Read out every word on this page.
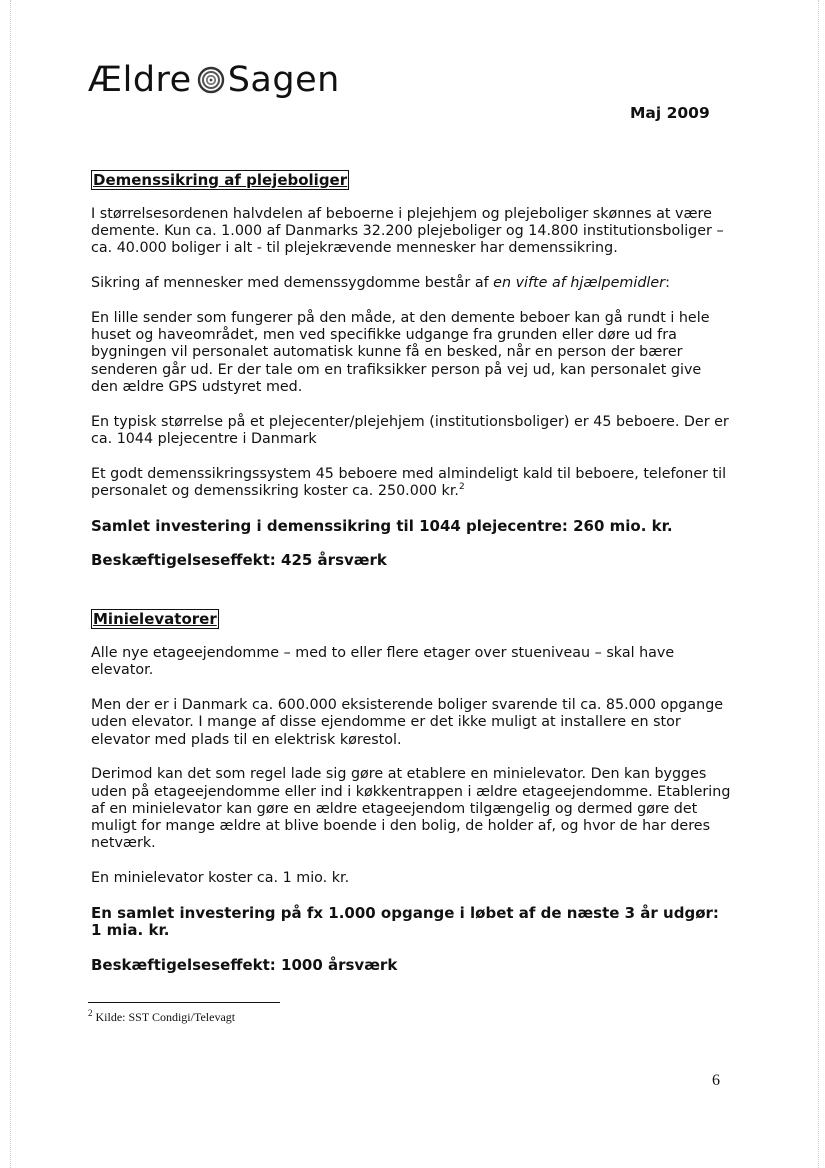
Ældre Sagen
Maj 2009
Demenssikring af plejeboliger

I størrelsesordenen halvdelen af beboerne i plejehjem og plejeboliger skønnes at være demente. Kun ca. 1.000 af Danmarks 32.200 plejeboliger og 14.800 institutionsboliger – ca. 40.000 boliger i alt - til plejekrævende mennesker har demenssikring.

Sikring af mennesker med demenssygdomme består af en vifte af hjælpemidler:

En lille sender som fungerer på den måde, at den demente beboer kan gå rundt i hele huset og haveområdet, men ved specifikke udgange fra grunden eller døre ud fra bygningen vil personalet automatisk kunne få en besked, når en person der bærer senderen går ud. Er der tale om en trafiksikker person på vej ud, kan personalet give den ældre GPS udstyret med.

En typisk størrelse på et plejecenter/plejehjem (institutionsboliger) er 45 beboere. Der er ca. 1044 plejecentre i Danmark

Et godt demenssikringssystem 45 beboere med almindeligt kald til beboere, telefoner til personalet og demenssikring koster ca. 250.000 kr.$^2$

Samlet investering i demenssikring til 1044 plejecentre: 260 mio. kr.

Beskæftigelseseffekt: 425 årsværk

Minielevatorer

Alle nye etageejendomme – med to eller flere etager over stueniveau – skal have elevator.

Men der er i Danmark ca. 600.000 eksisterende boliger svarende til ca. 85.000 opgange uden elevator. I mange af disse ejendomme er det ikke muligt at installere en stor elevator med plads til en elektrisk kørestol.

Derimod kan det som regel lade sig gøre at etablere en minielevator. Den kan bygges uden på etageejendomme eller ind i køkkentrappen i ældre etageejendomme. Etablering af en minielevator kan gøre en ældre etageejendom tilgængelig og dermed gøre det muligt for mange ældre at blive boende i den bolig, de holder af, og hvor de har deres netværk.

En minielevator koster ca. 1 mio. kr.

En samlet investering på fx 1.000 opgange i løbet af de næste 3 år udgør: 1 mia. kr.

Beskæftigelseseffekt: 1000 årsværk

$^2$ Kilde: SST Condigi/Televagt
6
